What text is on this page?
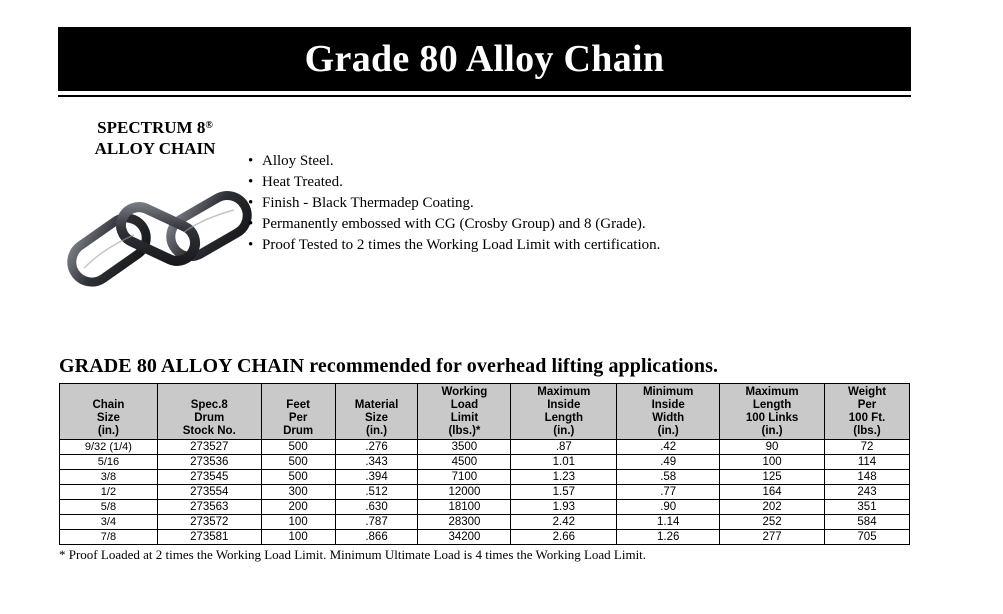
Grade 80 Alloy Chain
SPECTRUM 8®
ALLOY CHAIN
• Alloy Steel.
• Heat Treated.
• Finish - Black Thermadep Coating.
• Permanently embossed with CG (Crosby Group) and 8 (Grade).
• Proof Tested to 2 times the Working Load Limit with certification.
GRADE 80 ALLOY CHAIN recommended for overhead lifting applications.
Chain
Size
(in.)	Spec.8
Drum
Stock No.	Feet
Per
Drum	Material
Size
(in.)	Working
Load
Limit
(lbs.)*	Maximum
Inside
Length
(in.)	Minimum
Inside
Width
(in.)	Maximum
Length
100 Links
(in.)	Weight
Per
100 Ft.
(lbs.)
9/32 (1/4)	273527	500	.276	3500	.87	.42	90	72
5/16	273536	500	.343	4500	1.01	.49	100	114
3/8	273545	500	.394	7100	1.23	.58	125	148
1/2	273554	300	.512	12000	1.57	.77	164	243
5/8	273563	200	.630	18100	1.93	.90	202	351
3/4	273572	100	.787	28300	2.42	1.14	252	584
7/8	273581	100	.866	34200	2.66	1.26	277	705
* Proof Loaded at 2 times the Working Load Limit. Minimum Ultimate Load is 4 times the Working Load Limit.
